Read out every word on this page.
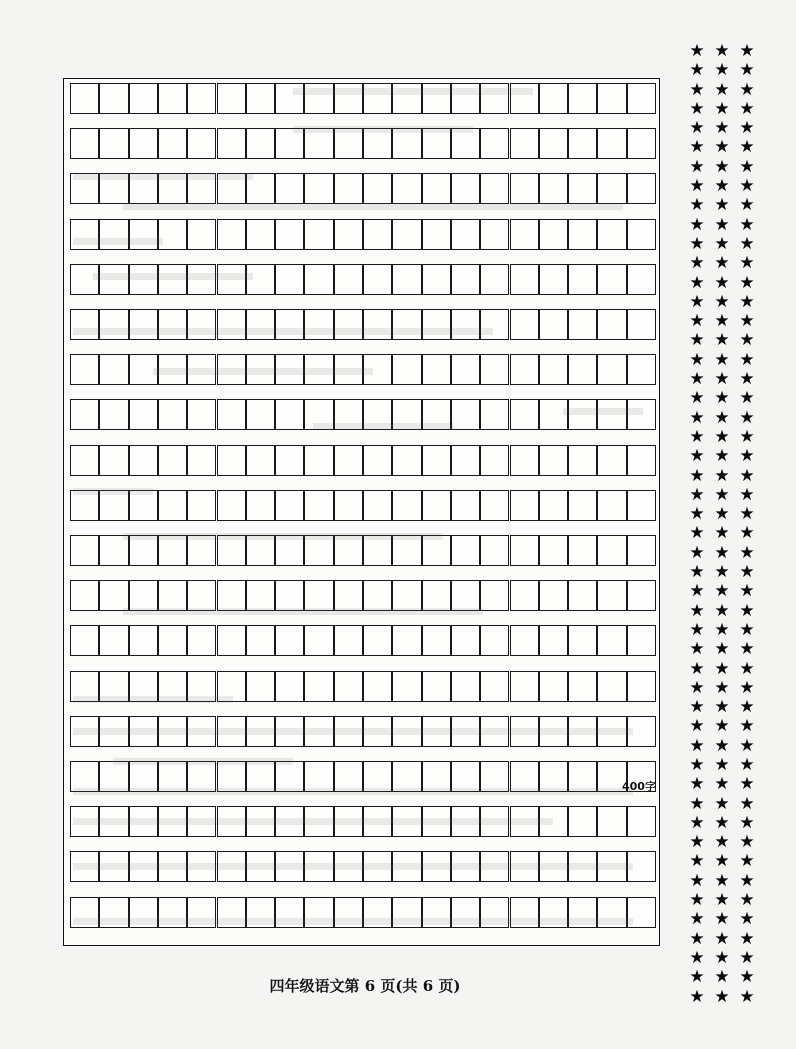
400字
四年级语文第 6 页(共 6 页)
★
★
★
★
★
★
★
★
★
★
★
★
★
★
★
★
★
★
★
★
★
★
★
★
★
★
★
★
★
★
★
★
★
★
★
★
★
★
★
★
★
★
★
★
★
★
★
★
★
★
★
★
★
★
★
★
★
★
★
★
★
★
★
★
★
★
★
★
★
★
★
★
★
★
★
★
★
★
★
★
★
★
★
★
★
★
★
★
★
★
★
★
★
★
★
★
★
★
★
★
★
★
★
★
★
★
★
★
★
★
★
★
★
★
★
★
★
★
★
★
★
★
★
★
★
★
★
★
★
★
★
★
★
★
★
★
★
★
★
★
★
★
★
★
★
★
★
★
★
★
